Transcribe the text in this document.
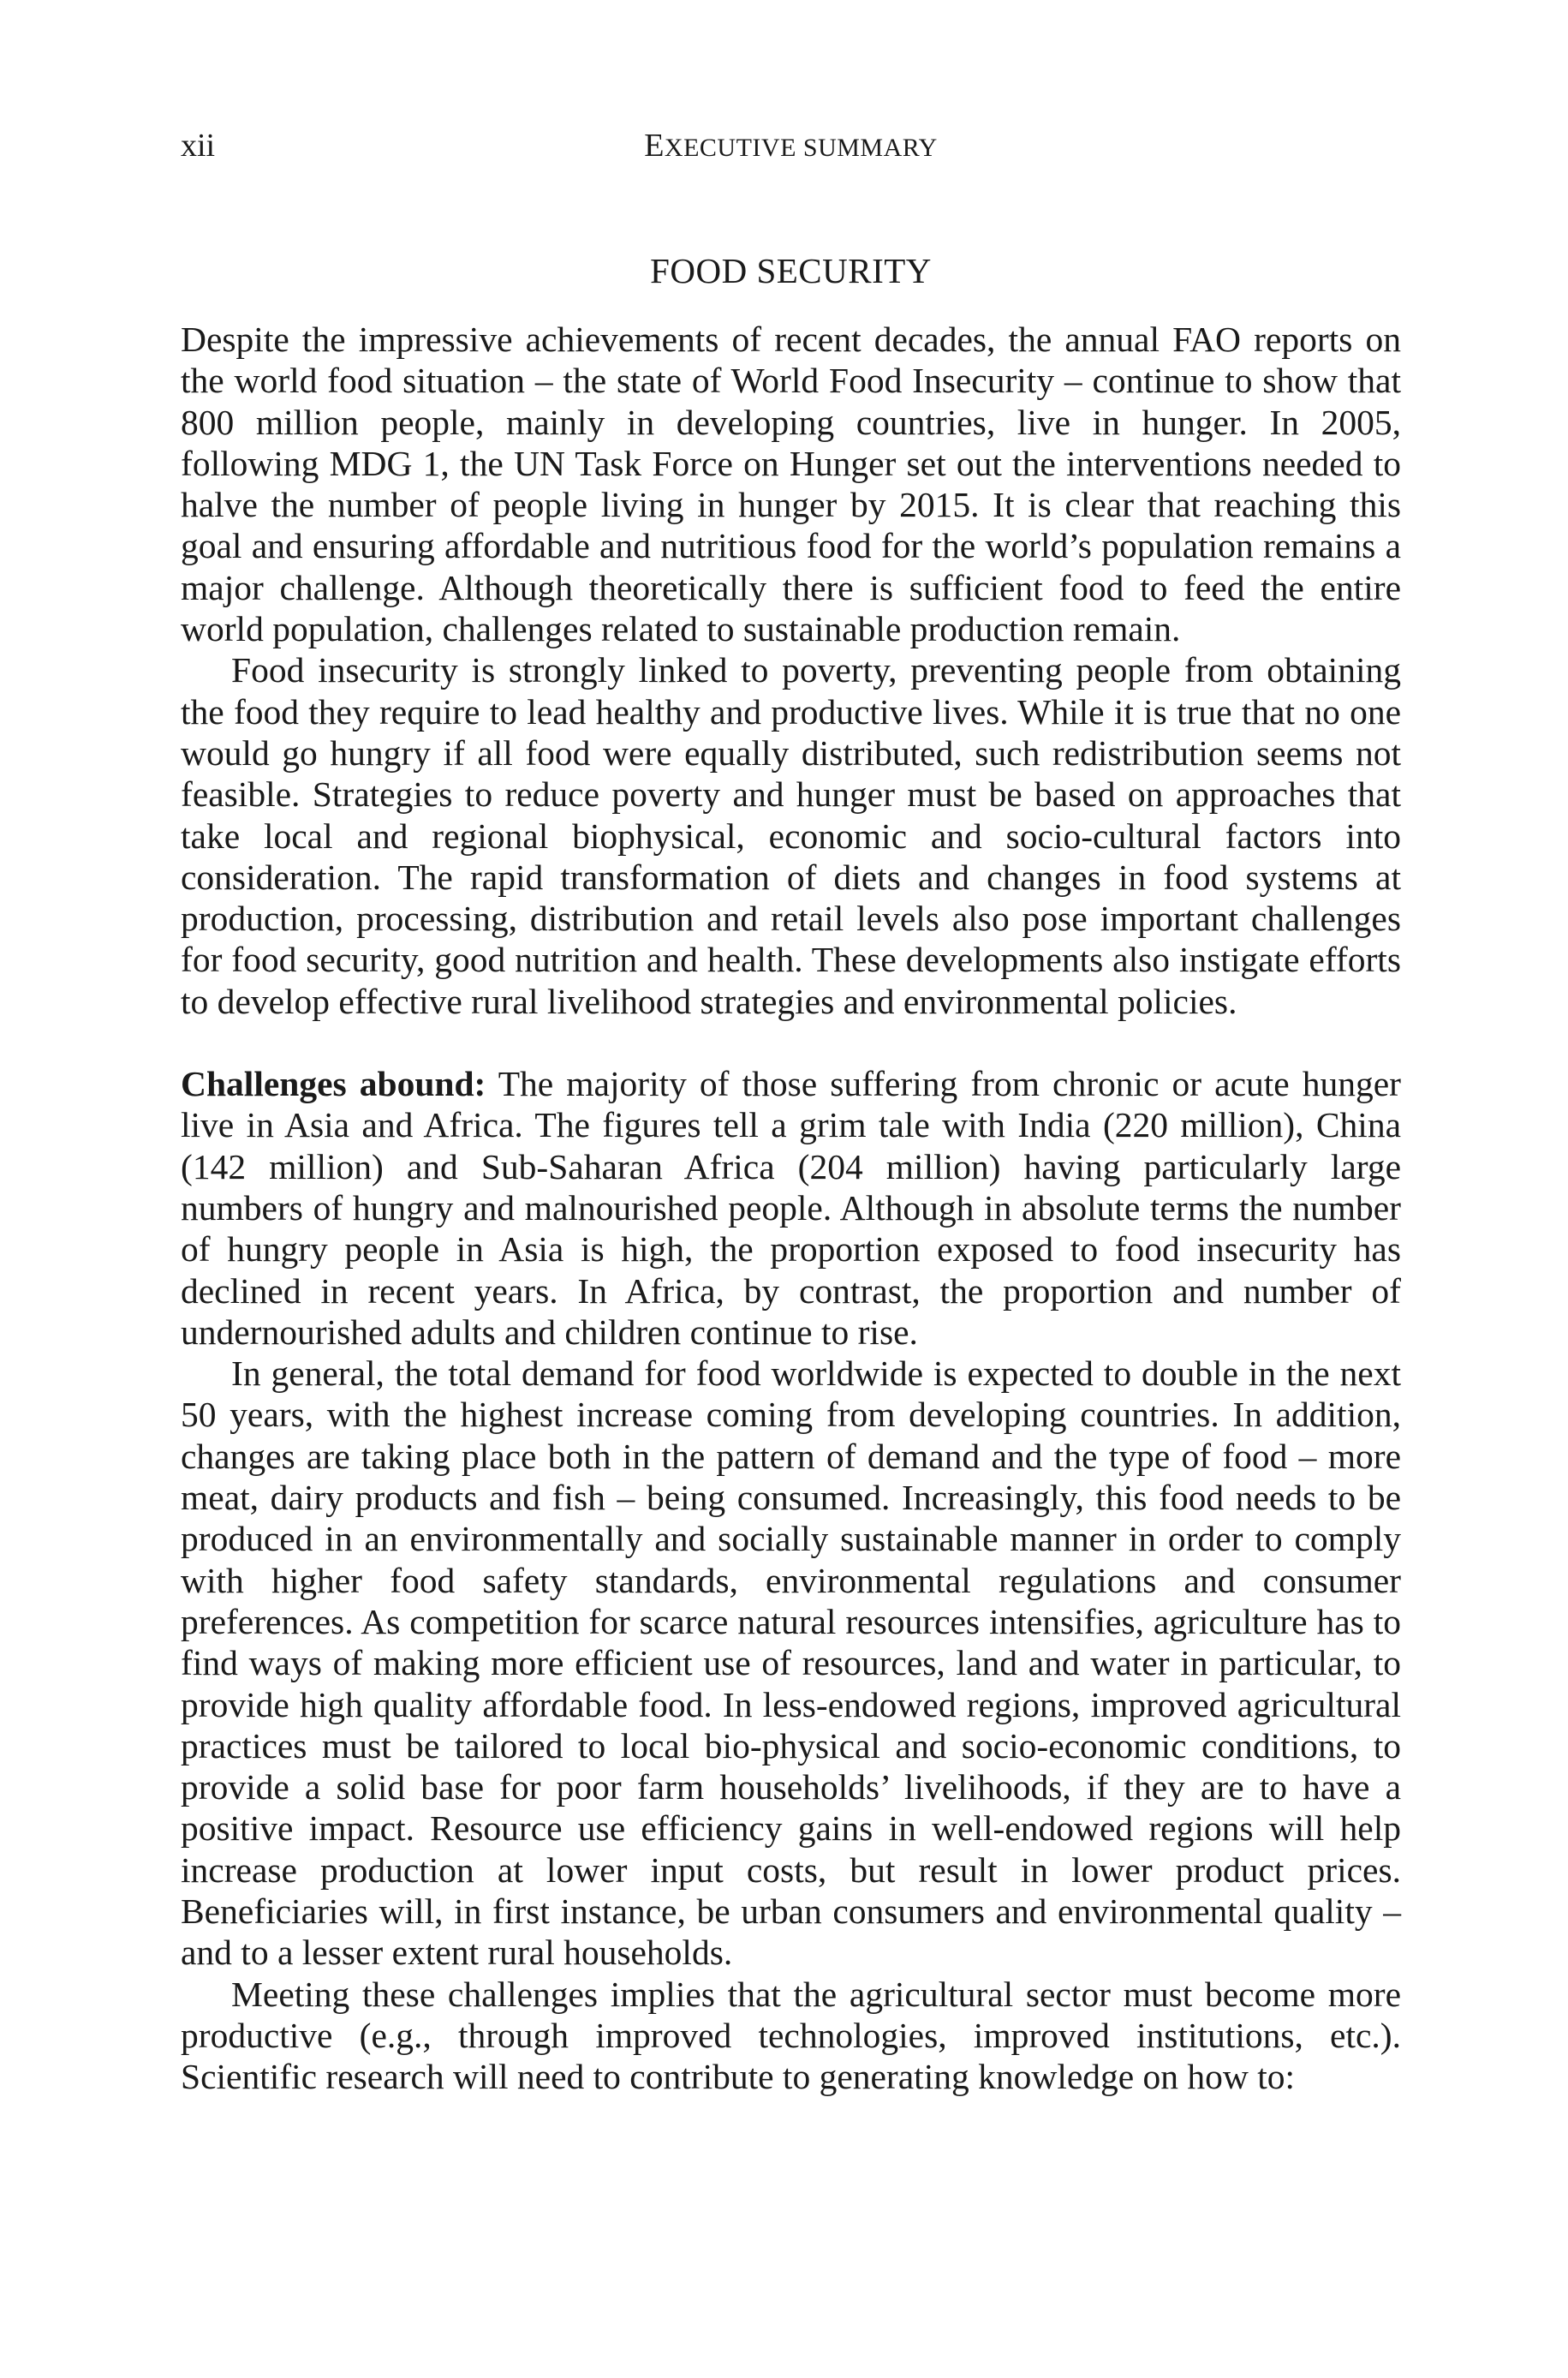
xii	EXECUTIVE SUMMARY
FOOD SECURITY

Despite the impressive achievements of recent decades, the annual FAO reports on the world food situation – the state of World Food Insecurity – continue to show that 800 million people, mainly in developing countries, live in hunger. In 2005, following MDG 1, the UN Task Force on Hunger set out the interventions needed to halve the number of people living in hunger by 2015. It is clear that reaching this goal and ensuring affordable and nutritious food for the world’s population remains a major challenge. Although theoretically there is sufficient food to feed the entire world population, challenges related to sustainable production remain.

Food insecurity is strongly linked to poverty, preventing people from obtaining the food they require to lead healthy and productive lives. While it is true that no one would go hungry if all food were equally distributed, such redistribution seems not feasible. Strategies to reduce poverty and hunger must be based on approaches that take local and regional biophysical, economic and socio-cultural factors into consideration. The rapid transformation of diets and changes in food systems at production, processing, distribution and retail levels also pose important challenges for food security, good nutrition and health. These developments also instigate efforts to develop effective rural livelihood strategies and environmental policies.

Challenges abound: The majority of those suffering from chronic or acute hunger live in Asia and Africa. The figures tell a grim tale with India (220 million), China (142 million) and Sub-Saharan Africa (204 million) having particularly large numbers of hungry and malnourished people. Although in absolute terms the number of hungry people in Asia is high, the proportion exposed to food insecurity has declined in recent years. In Africa, by contrast, the proportion and number of undernourished adults and children continue to rise.

In general, the total demand for food worldwide is expected to double in the next 50 years, with the highest increase coming from developing countries. In addition, changes are taking place both in the pattern of demand and the type of food – more meat, dairy products and fish – being consumed. Increasingly, this food needs to be produced in an environmentally and socially sustainable manner in order to comply with higher food safety standards, environmental regulations and consumer preferences. As competition for scarce natural resources intensifies, agriculture has to find ways of making more efficient use of resources, land and water in particular, to provide high quality affordable food. In less-endowed regions, improved agricultural practices must be tailored to local bio-physical and socio-economic conditions, to provide a solid base for poor farm households’ livelihoods, if they are to have a positive impact. Resource use efficiency gains in well-endowed regions will help increase production at lower input costs, but result in lower product prices. Beneficiaries will, in first instance, be urban consumers and environmental quality – and to a lesser extent rural households.

Meeting these challenges implies that the agricultural sector must become more productive (e.g., through improved technologies, improved institutions, etc.). Scientific research will need to contribute to generating knowledge on how to:
